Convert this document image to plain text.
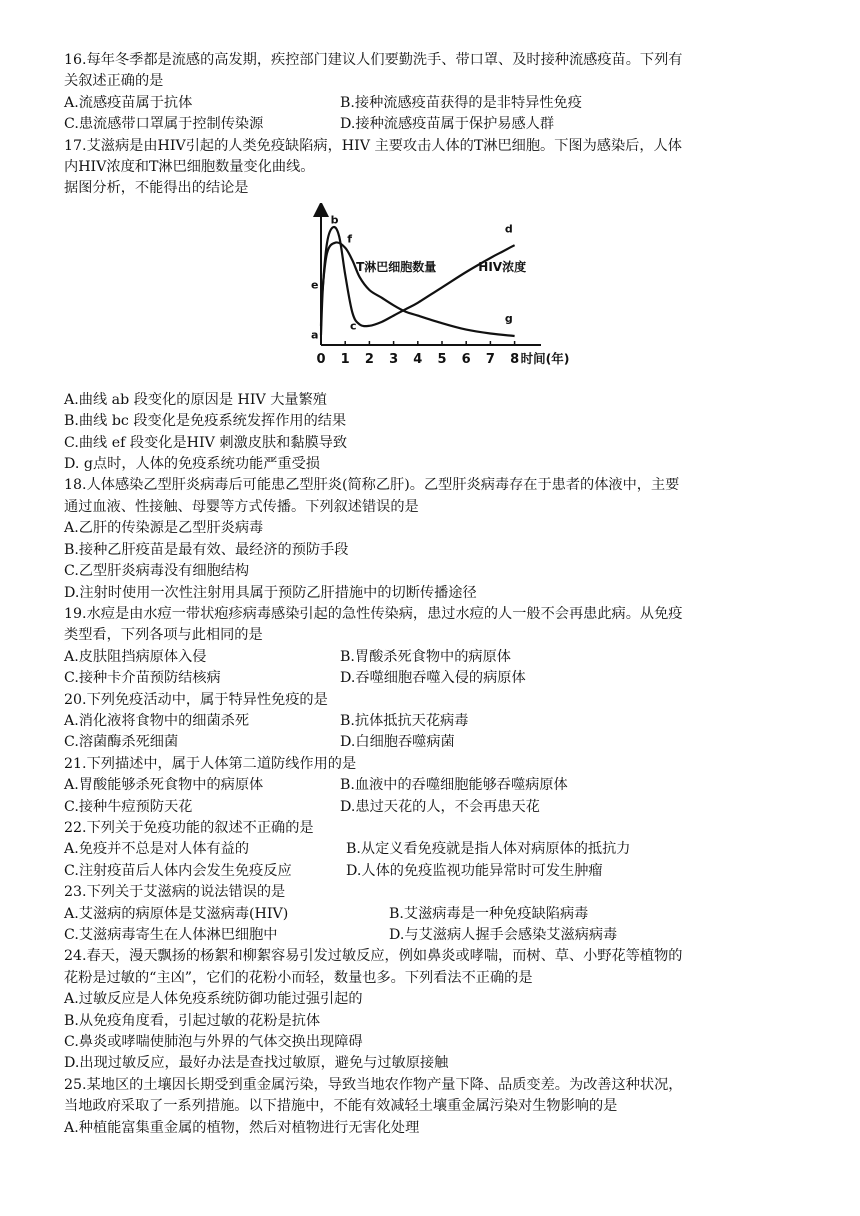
16.每年冬季都是流感的高发期，疾控部门建议人们要勤洗手、带口罩、及时接种流感疫苗。下列有
关叙述正确的是
A.流感疫苗属于抗体	B.接种流感疫苗获得的是非特异性免疫
C.患流感带口罩属于控制传染源	D.接种流感疫苗属于保护易感人群
17.艾滋病是由HIV引起的人类免疫缺陷病，HIV 主要攻击人体的T淋巴细胞。下图为感染后，人体
内HIV浓度和T淋巴细胞数量变化曲线。
据图分析，不能得出的结论是
0 1 2 3 4 5 6 7 8 时间(年)
a
b
c
d
e
f
g
T淋巴细胞数量	HIV浓度
A.曲线 ab 段变化的原因是 HIV 大量繁殖
B.曲线 bc 段变化是免疫系统发挥作用的结果
C.曲线 ef 段变化是HIV 刺激皮肤和黏膜导致
D. g点时，人体的免疫系统功能严重受损
18.人体感染乙型肝炎病毒后可能患乙型肝炎(简称乙肝)。乙型肝炎病毒存在于患者的体液中，主要
通过血液、性接触、母婴等方式传播。下列叙述错误的是
A.乙肝的传染源是乙型肝炎病毒
B.接种乙肝疫苗是最有效、最经济的预防手段
C.乙型肝炎病毒没有细胞结构
D.注射时使用一次性注射用具属于预防乙肝措施中的切断传播途径
19.水痘是由水痘一带状疱疹病毒感染引起的急性传染病，患过水痘的人一般不会再患此病。从免疫
类型看，下列各项与此相同的是
A.皮肤阻挡病原体入侵	B.胃酸杀死食物中的病原体
C.接种卡介苗预防结核病	D.吞噬细胞吞噬入侵的病原体
20.下列免疫活动中，属于特异性免疫的是
A.消化液将食物中的细菌杀死	B.抗体抵抗天花病毒
C.溶菌酶杀死细菌	D.白细胞吞噬病菌
21.下列描述中，属于人体第二道防线作用的是
A.胃酸能够杀死食物中的病原体	B.血液中的吞噬细胞能够吞噬病原体
C.接种牛痘预防天花	D.患过天花的人，不会再患天花
22.下列关于免疫功能的叙述不正确的是
A.免疫并不总是对人体有益的	B.从定义看免疫就是指人体对病原体的抵抗力
C.注射疫苗后人体内会发生免疫反应	D.人体的免疫监视功能异常时可发生肿瘤
23.下列关于艾滋病的说法错误的是
A.艾滋病的病原体是艾滋病毒(HIV)	B.艾滋病毒是一种免疫缺陷病毒
C.艾滋病毒寄生在人体淋巴细胞中	D.与艾滋病人握手会感染艾滋病病毒
24.春天，漫天飘扬的杨絮和柳絮容易引发过敏反应，例如鼻炎或哮喘，而树、草、小野花等植物的
花粉是过敏的“主凶”，它们的花粉小而轻，数量也多。下列看法不正确的是
A.过敏反应是人体免疫系统防御功能过强引起的
B.从免疫角度看，引起过敏的花粉是抗体
C.鼻炎或哮喘使肺泡与外界的气体交换出现障碍
D.出现过敏反应，最好办法是查找过敏原，避免与过敏原接触
25.某地区的土壤因长期受到重金属污染，导致当地农作物产量下降、品质变差。为改善这种状况，
当地政府采取了一系列措施。以下措施中，不能有效减轻土壤重金属污染对生物影响的是
A.种植能富集重金属的植物，然后对植物进行无害化处理
